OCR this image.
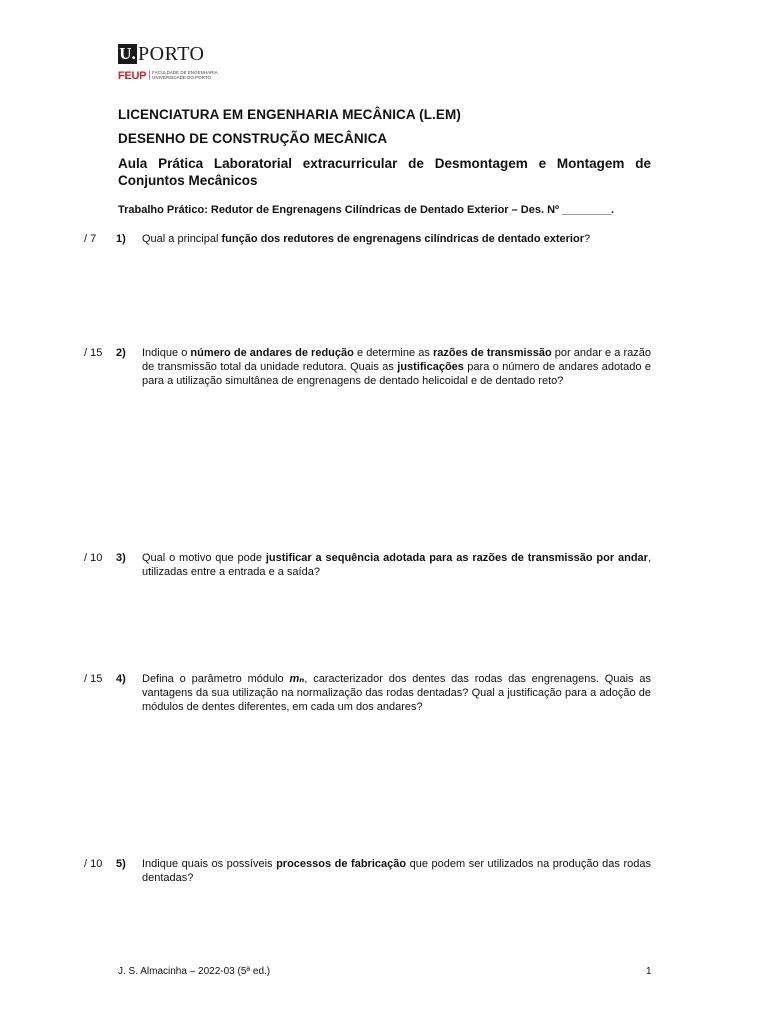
U. PORTO
FEUP FACULDADE DE ENGENHARIA
UNIVERSIDADE DO PORTO

LICENCIATURA EM ENGENHARIA MECÂNICA (L.EM)

DESENHO DE CONSTRUÇÃO MECÂNICA

Aula Prática Laboratorial extracurricular de Desmontagem e Montagem de Conjuntos Mecânicos

Trabalho Prático: Redutor de Engrenagens Cilíndricas de Dentado Exterior – Des. Nº ________.
/ 7 1) Qual a principal função dos redutores de engrenagens cilíndricas de dentado exterior?
/ 15 2) Indique o número de andares de redução e determine as razões de transmissão por andar e a razão de transmissão total da unidade redutora. Quais as justificações para o número de andares adotado e para a utilização simultânea de engrenagens de dentado helicoidal e de dentado reto?
/ 10 3) Qual o motivo que pode justificar a sequência adotada para as razões de transmissão por andar, utilizadas entre a entrada e a saída?
/ 15 4) Defina o parâmetro módulo mₙ, caracterizador dos dentes das rodas das engrenagens. Quais as vantagens da sua utilização na normalização das rodas dentadas? Qual a justificação para a adoção de módulos de dentes diferentes, em cada um dos andares?
/ 10 5) Indique quais os possíveis processos de fabricação que podem ser utilizados na produção das rodas dentadas?
J. S. Almacinha – 2022-03 (5ª ed.)	1
